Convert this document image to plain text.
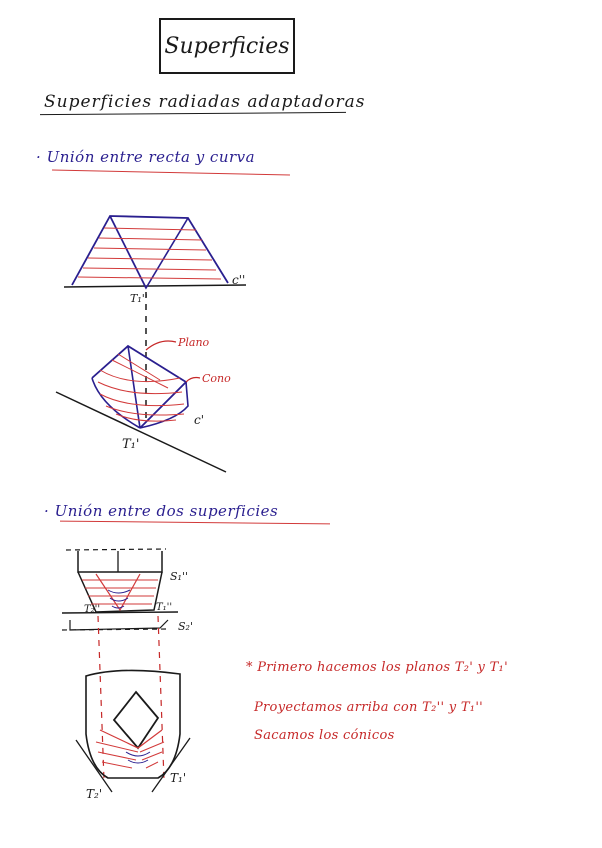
Superficies
Superficies radiadas adaptadoras
· Unión entre recta y curva
· Unión entre dos superficies
c''
T₁''
Plano
Cono
c'
T₁'
S₁''
T₂''	T₁''
S₂'
T₂'
T₁'
* Primero hacemos los planos T₂' y T₁'
Proyectamos arriba con T₂'' y T₁''
Sacamos los cónicos
